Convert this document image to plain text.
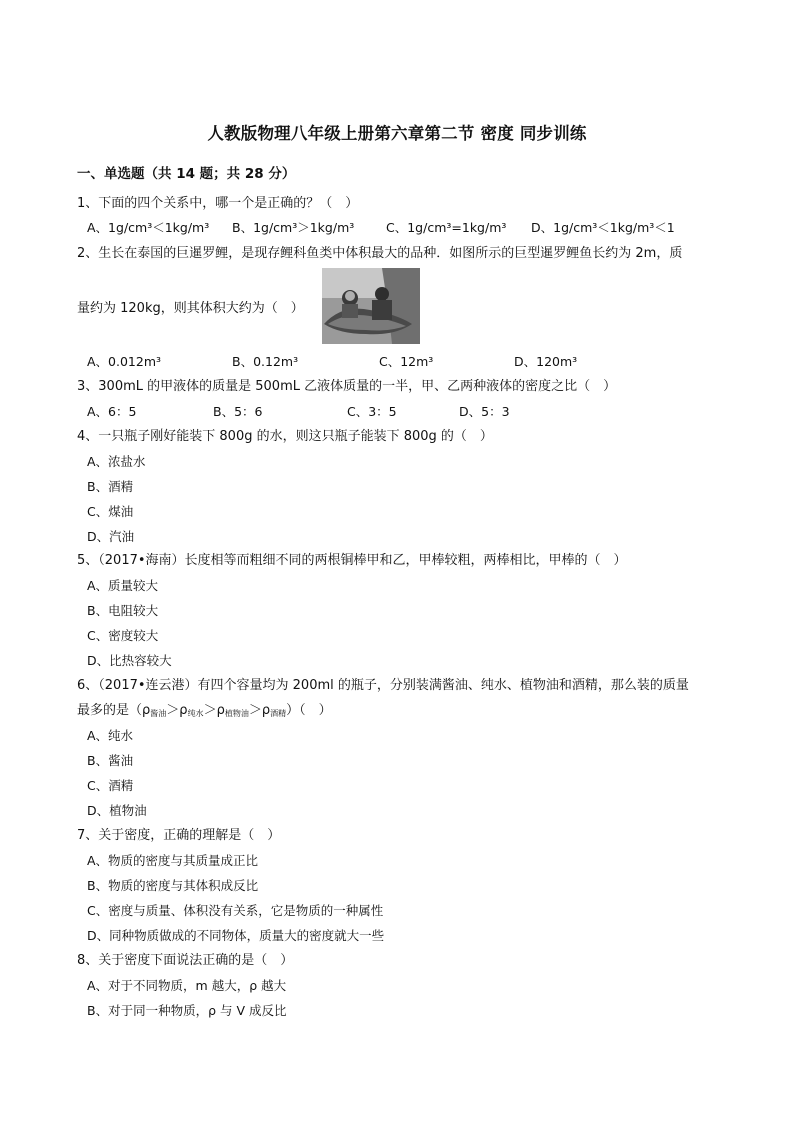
人教版物理八年级上册第六章第二节 密度 同步训练
一、单选题（共 14 题；共 28 分）
1、下面的四个关系中，哪一个是正确的？（　）
A、1g/cm³＜1kg/m³ B、1g/cm³＞1kg/m³	C、1g/cm³=1kg/m³ D、1g/cm³＜1kg/m³＜1
2、生长在泰国的巨暹罗鲤，是现存鲤科鱼类中体积最大的品种．如图所示的巨型暹罗鲤鱼长约为 2m，质
量约为 120kg，则其体积大约为（　）
A、0.012m³	B、0.12m³	C、12m³	D、120m³
3、300mL 的甲液体的质量是 500mL 乙液体质量的一半，甲、乙两种液体的密度之比（　）
A、6：5	B、5：6	C、3：5	D、5：3
4、一只瓶子刚好能装下 800g 的水，则这只瓶子能装下 800g 的（　）
A、浓盐水
B、酒精
C、煤油
D、汽油
5、（2017•海南）长度相等而粗细不同的两根铜棒甲和乙，甲棒较粗，两棒相比，甲棒的（　）
A、质量较大
B、电阻较大
C、密度较大
D、比热容较大
6、（2017•连云港）有四个容量均为 200ml 的瓶子，分别装满酱油、纯水、植物油和酒精，那么装的质量
最多的是$(\rho_{酱油}>\rho_{纯水}>\rho_{植物油}>\rho_{酒精})$（　）
A、纯水
B、酱油
C、酒精
D、植物油
7、关于密度，正确的理解是（　）
A、物质的密度与其质量成正比
B、物质的密度与其体积成反比
C、密度与质量、体积没有关系，它是物质的一种属性
D、同种物质做成的不同物体，质量大的密度就大一些
8、关于密度下面说法正确的是（　）
A、对于不同物质，m 越大，ρ 越大
B、对于同一种物质，ρ 与 V 成反比
